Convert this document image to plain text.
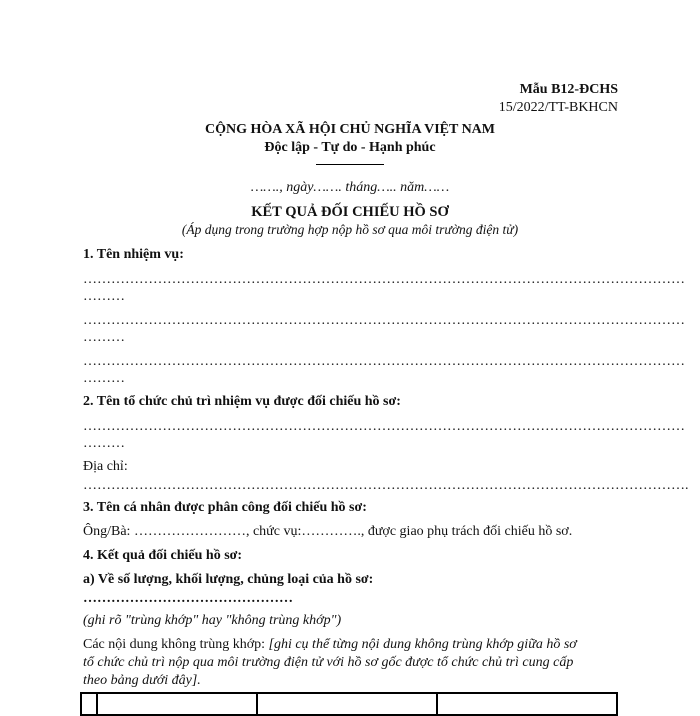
Mẫu B12-ĐCHS
15/2022/TT-BKHCN
CỘNG HÒA XÃ HỘI CHỦ NGHĨA VIỆT NAM
Độc lập - Tự do - Hạnh phúc
……., ngày……. tháng….. năm……
KẾT QUẢ ĐỐI CHIẾU HỒ SƠ
(Áp dụng trong trường hợp nộp hồ sơ qua môi trường điện tử)
1. Tên nhiệm vụ:
…………………………………………………………………………………………………………………
………
…………………………………………………………………………………………………………………
………
…………………………………………………………………………………………………………………
………
2. Tên tổ chức chủ trì nhiệm vụ được đối chiếu hồ sơ:
…………………………………………………………………………………………………………………
………
Địa chỉ:
………………………………………………………………………………………………………………….
3. Tên cá nhân được phân công đối chiếu hồ sơ:
Ông/Bà: ……………………, chức vụ:…………., được giao phụ trách đối chiếu hồ sơ.
4. Kết quả đối chiếu hồ sơ:
a) Về số lượng, khối lượng, chủng loại của hồ sơ:
………………………………………
(ghi rõ "trùng khớp" hay "không trùng khớp")
Các nội dung không trùng khớp: [ghi cụ thể từng nội dung không trùng khớp giữa hồ sơ
tổ chức chủ trì nộp qua môi trường điện tử với hồ sơ gốc được tổ chức chủ trì cung cấp
theo bảng dưới đây].
